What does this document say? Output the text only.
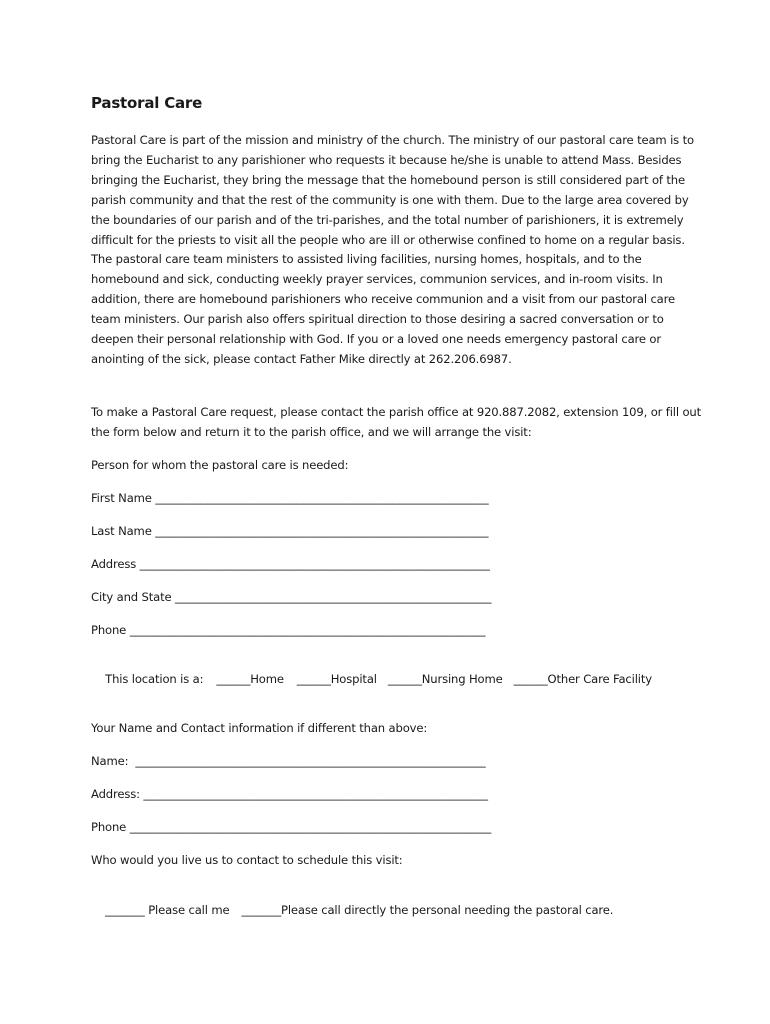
Pastoral Care
Pastoral Care is part of the mission and ministry of the church. The ministry of our pastoral care team is to bring the Eucharist to any parishioner who requests it because he/she is unable to attend Mass. Besides bringing the Eucharist, they bring the message that the homebound person is still considered part of the parish community and that the rest of the community is one with them. Due to the large area covered by the boundaries of our parish and of the tri-parishes, and the total number of parishioners, it is extremely difficult for the priests to visit all the people who are ill or otherwise confined to home on a regular basis. The pastoral care team ministers to assisted living facilities, nursing homes, hospitals, and to the homebound and sick, conducting weekly prayer services, communion services, and in-room visits. In addition, there are homebound parishioners who receive communion and a visit from our pastoral care team ministers. Our parish also offers spiritual direction to those desiring a sacred conversation or to deepen their personal relationship with God. If you or a loved one needs emergency pastoral care or anointing of the sick, please contact Father Mike directly at 262.206.6987.
To make a Pastoral Care request, please contact the parish office at 920.887.2082, extension 109, or fill out the form below and return it to the parish office, and we will arrange the visit:
Person for whom the pastoral care is needed:
First Name ___________________________________________________________
Last Name ___________________________________________________________
Address ______________________________________________________________
City and State ________________________________________________________
Phone _______________________________________________________________

This location is a: ______Home ______Hospital ______Nursing Home ______Other Care Facility

Your Name and Contact information if different than above:
Name:  ______________________________________________________________
Address: _____________________________________________________________
Phone ________________________________________________________________
Who would you live us to contact to schedule this visit:

_______ Please call me _______Please call directly the personal needing the pastoral care.
